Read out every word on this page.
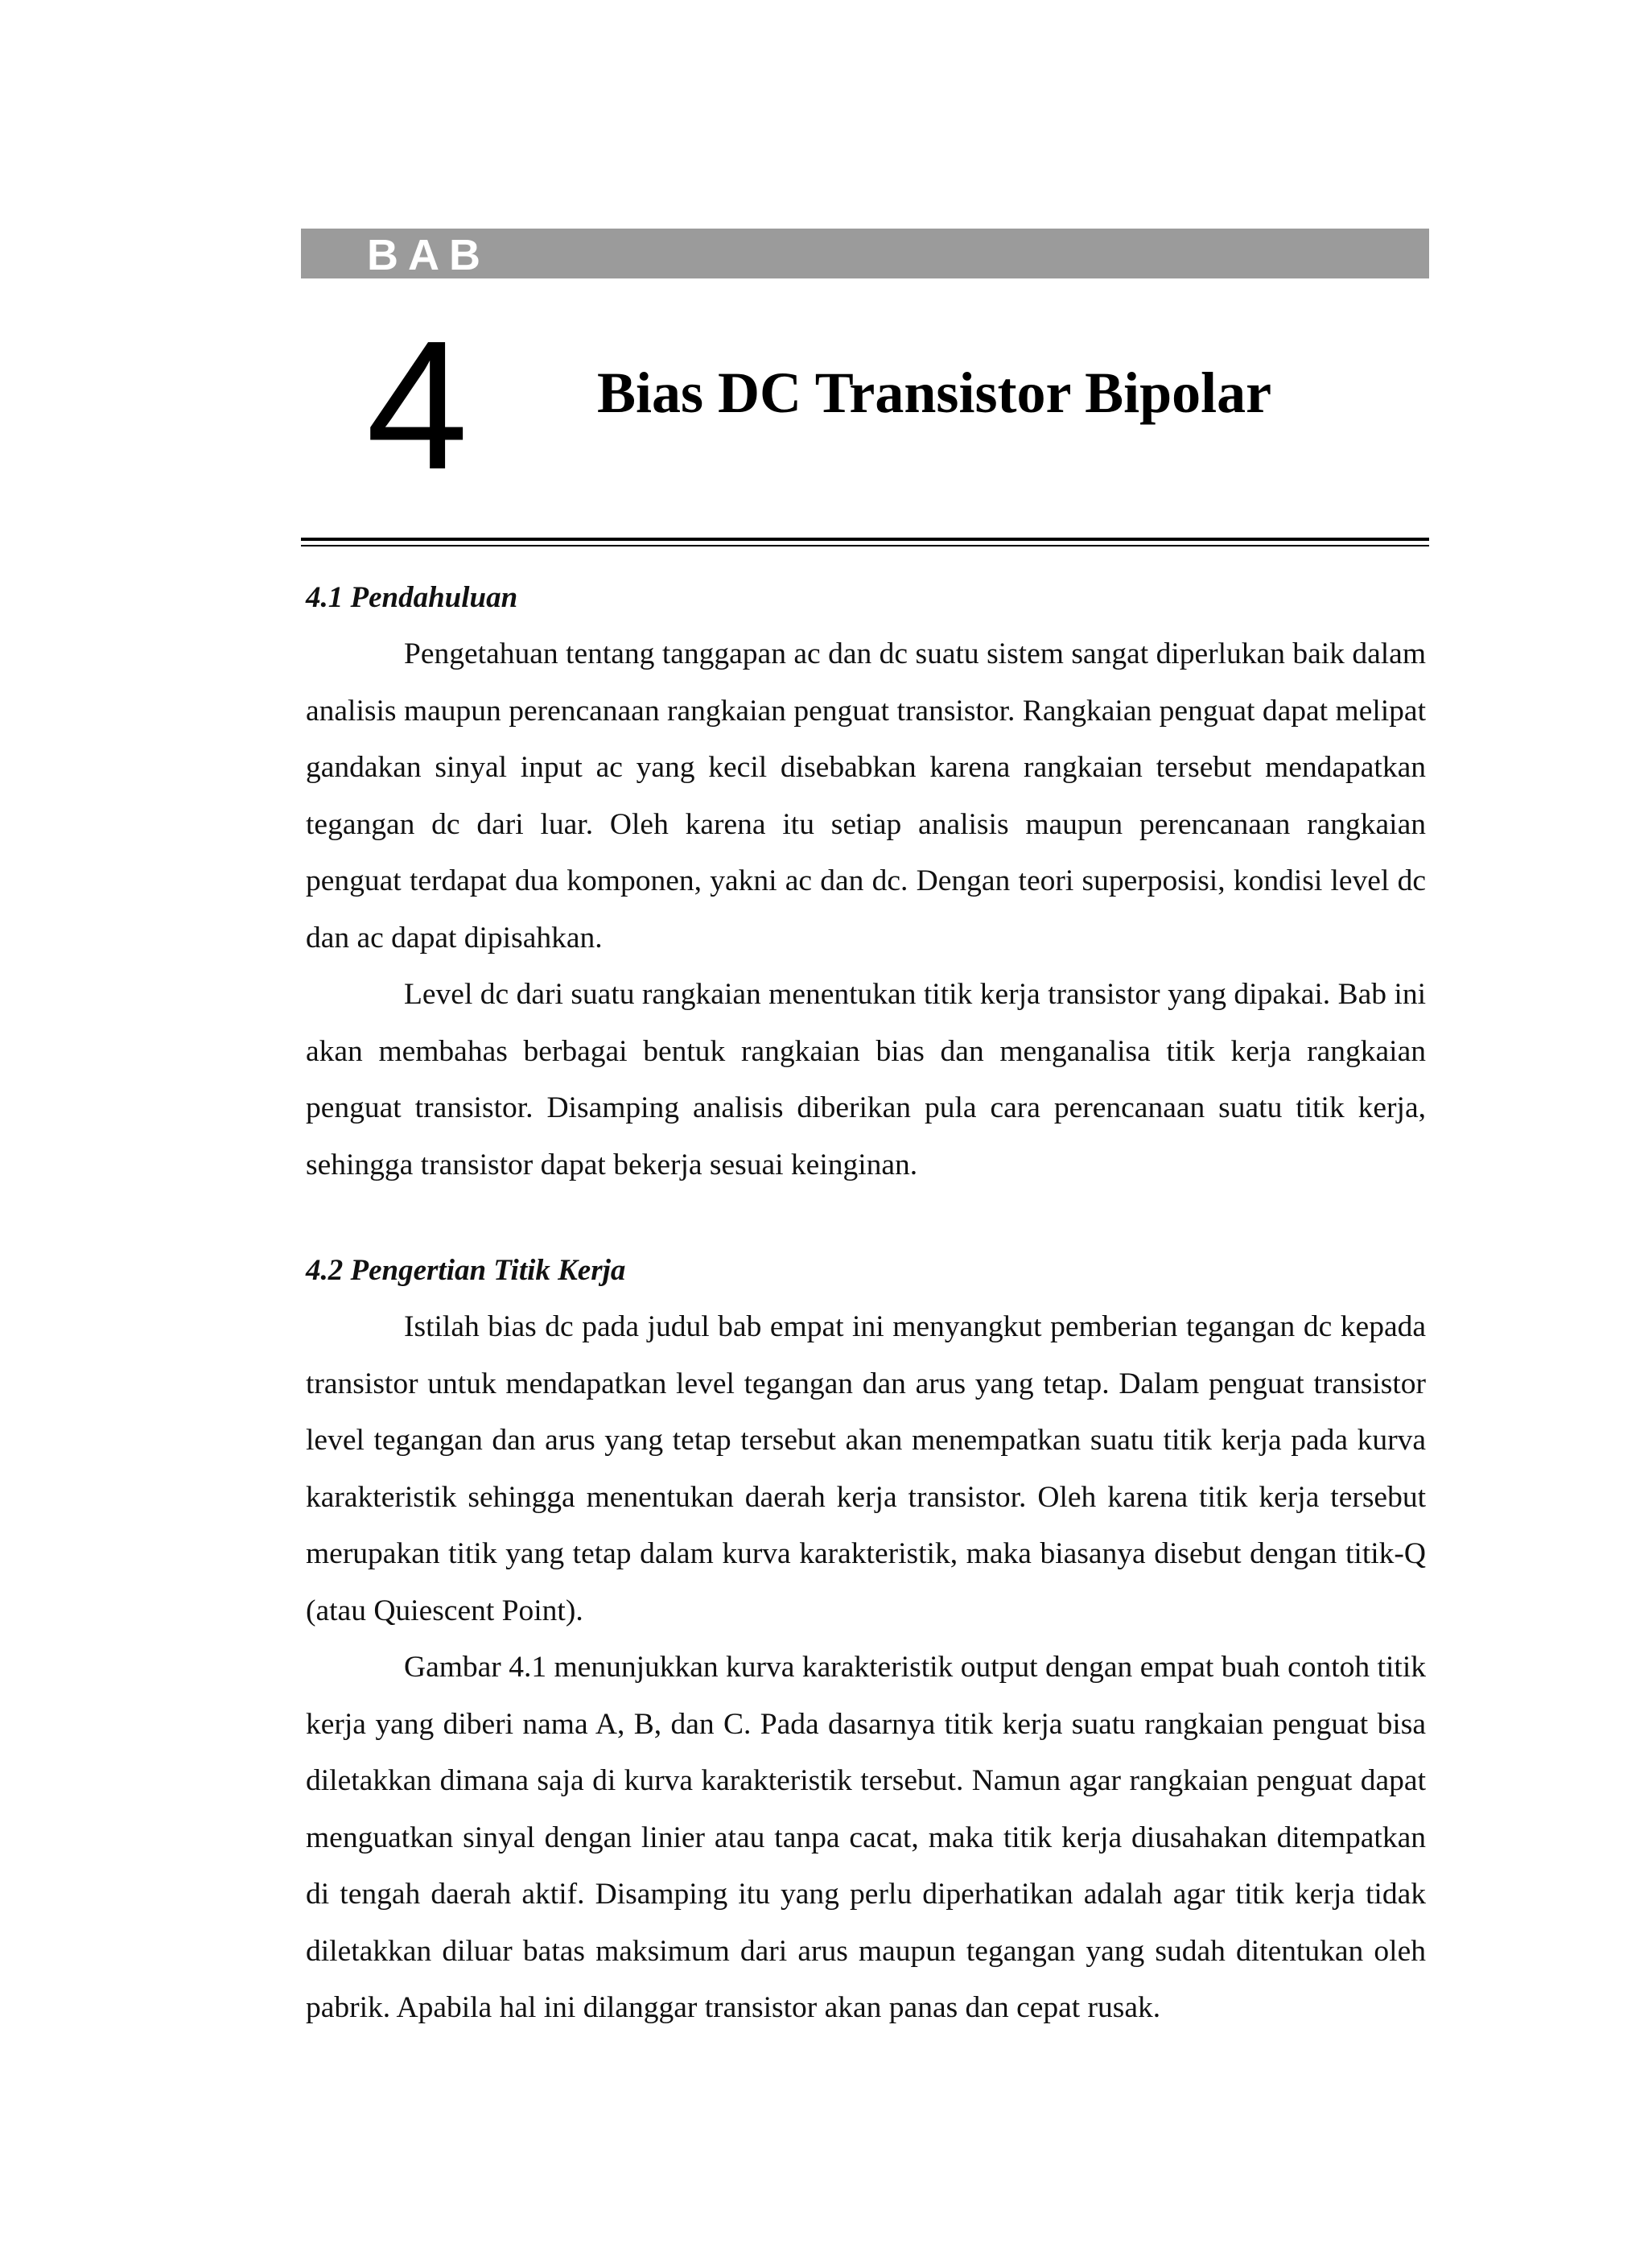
BAB
4 Bias DC Transistor Bipolar
4.1 Pendahuluan

Pengetahuan tentang tanggapan ac dan dc suatu sistem sangat diperlukan baik dalam analisis maupun perencanaan rangkaian penguat transistor. Rangkaian penguat dapat melipat gandakan sinyal input ac yang kecil disebabkan karena rangkaian tersebut mendapatkan tegangan dc dari luar. Oleh karena itu setiap analisis maupun perencanaan rangkaian penguat terdapat dua komponen, yakni ac dan dc. Dengan teori superposisi, kondisi level dc dan ac dapat dipisahkan.

Level dc dari suatu rangkaian menentukan titik kerja transistor yang dipakai. Bab ini akan membahas berbagai bentuk rangkaian bias dan menganalisa titik kerja rangkaian penguat transistor. Disamping analisis diberikan pula cara perencanaan suatu titik kerja, sehingga transistor dapat bekerja sesuai keinginan.

4.2 Pengertian Titik Kerja

Istilah bias dc pada judul bab empat ini menyangkut pemberian tegangan dc kepada transistor untuk mendapatkan level tegangan dan arus yang tetap. Dalam penguat transistor level tegangan dan arus yang tetap tersebut akan menempatkan suatu titik kerja pada kurva karakteristik sehingga menentukan daerah kerja transistor. Oleh karena titik kerja tersebut merupakan titik yang tetap dalam kurva karakteristik, maka biasanya disebut dengan titik-Q (atau Quiescent Point).

Gambar 4.1 menunjukkan kurva karakteristik output dengan empat buah contoh titik kerja yang diberi nama A, B, dan C. Pada dasarnya titik kerja suatu rangkaian penguat bisa diletakkan dimana saja di kurva karakteristik tersebut. Namun agar rangkaian penguat dapat menguatkan sinyal dengan linier atau tanpa cacat, maka titik kerja diusahakan ditempatkan di tengah daerah aktif. Disamping itu yang perlu diperhatikan adalah agar titik kerja tidak diletakkan diluar batas maksimum dari arus maupun tegangan yang sudah ditentukan oleh pabrik. Apabila hal ini dilanggar transistor akan panas dan cepat rusak.
